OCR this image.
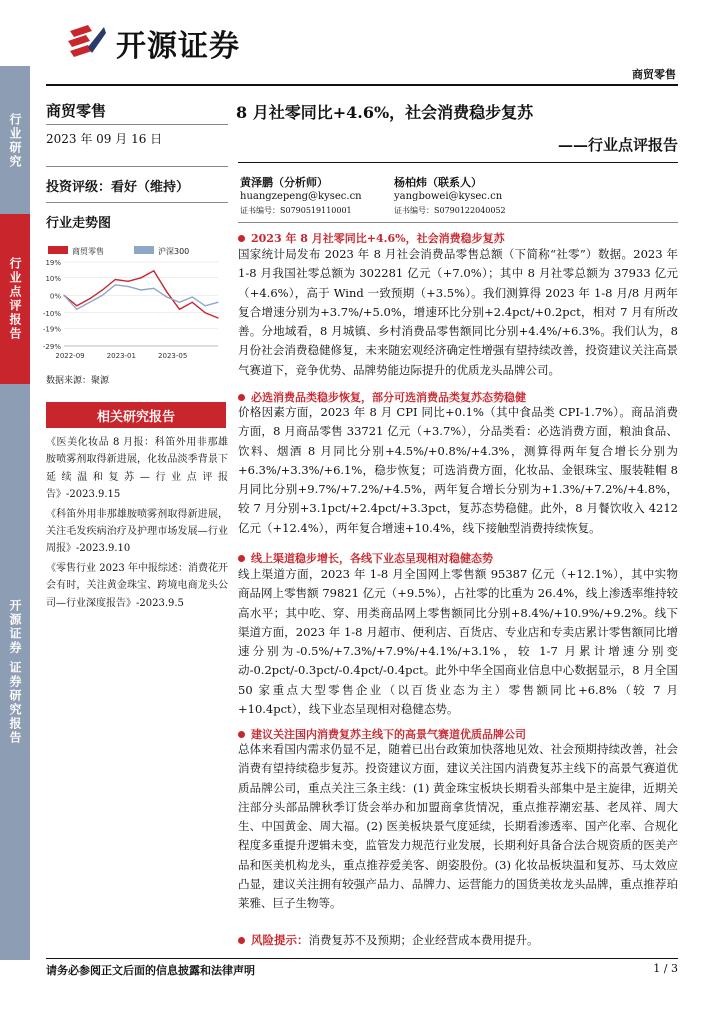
开源证券
商贸零售
行业研究
行业点评报告
开源证券 证券研究报告
商贸零售
2023 年 09 月 16 日
投资评级：看好（维持）
行业走势图
商贸零售	沪深300
19%
10%
0%
-10%
-19%
-29%
2022-09	2023-01	2023-05
数据来源：聚源
相关研究报告

《医美化妆品 8 月报：科笛外用非那雄胺喷雾剂取得新进展，化妆品淡季背景下延续温和复苏—行业点评报告》-2023.9.15

《科笛外用非那雄胺喷雾剂取得新进展，关注毛发疾病治疗及护理市场发展—行业周报》-2023.9.10

《零售行业 2023 年中报综述：消费花开会有时，关注黄金珠宝、跨境电商龙头公司—行业深度报告》-2023.9.5

8 月社零同比+4.6%，社会消费稳步复苏
——行业点评报告
黄泽鹏（分析师）
huangzepeng@kysec.cn
证书编号：S0790519110001
杨柏炜（联系人）
yangbowei@kysec.cn
证书编号：S0790122040052
2023 年 8 月社零同比+4.6%，社会消费稳步复苏

国家统计局发布 2023 年 8 月社会消费品零售总额（下简称“社零”）数据。2023 年 1-8 月我国社零总额为 302281 亿元（+7.0%）；其中 8 月社零总额为 37933 亿元（+4.6%），高于 Wind 一致预期（+3.5%）。我们测算得 2023 年 1-8 月/8 月两年复合增速分别为+3.7%/+5.0%，增速环比分别+2.4pct/+0.2pct，相对 7 月有所改善。分地域看，8 月城镇、乡村消费品零售额同比分别+4.4%/+6.3%。我们认为，8 月份社会消费稳健修复，未来随宏观经济确定性增强有望持续改善，投资建议关注高景气赛道下，竞争优势、品牌势能边际提升的优质龙头品牌公司。

必选消费品类稳步恢复，部分可选消费品类复苏态势稳健

价格因素方面，2023 年 8 月 CPI 同比+0.1%（其中食品类 CPI-1.7%）。商品消费方面，8 月商品零售 33721 亿元（+3.7%），分品类看：必选消费方面，粮油食品、饮料、烟酒 8 月同比分别+4.5%/+0.8%/+4.3%，测算得两年复合增长分别为+6.3%/+3.3%/+6.1%，稳步恢复；可选消费方面，化妆品、金银珠宝、服装鞋帽 8 月同比分别+9.7%/+7.2%/+4.5%，两年复合增长分别为+1.3%/+7.2%/+4.8%，较 7 月分别+3.1pct/+2.4pct/+3.3pct，复苏态势稳健。此外，8 月餐饮收入 4212 亿元（+12.4%），两年复合增速+10.4%，线下接触型消费持续恢复。

线上渠道稳步增长，各线下业态呈现相对稳健态势

线上渠道方面，2023 年 1-8 月全国网上零售额 95387 亿元（+12.1%），其中实物商品网上零售额 79821 亿元（+9.5%），占社零的比重为 26.4%，线上渗透率维持较高水平；其中吃、穿、用类商品网上零售额同比分别+8.4%/+10.9%/+9.2%。线下渠道方面，2023 年 1-8 月超市、便利店、百货店、专业店和专卖店累计零售额同比增速分别为-0.5%/+7.3%/+7.9%/+4.1%/+3.1%，较 1-7 月累计增速分别变动-0.2pct/-0.3pct/-0.4pct/-0.4pct。此外中华全国商业信息中心数据显示，8 月全国 50 家重点大型零售企业（以百货业态为主）零售额同比+6.8%（较 7 月+10.4pct），线下业态呈现相对稳健态势。

建议关注国内消费复苏主线下的高景气赛道优质品牌公司

总体来看国内需求仍显不足，随着已出台政策加快落地见效、社会预期持续改善，社会消费有望持续稳步复苏。投资建议方面，建议关注国内消费复苏主线下的高景气赛道优质品牌公司，重点关注三条主线：(1) 黄金珠宝板块长期看头部集中是主旋律，近期关注部分头部品牌秋季订货会举办和加盟商拿货情况，重点推荐潮宏基、老凤祥、周大生、中国黄金、周大福。(2) 医美板块景气度延续，长期看渗透率、国产化率、合规化程度多重提升逻辑未变，监管发力规范行业发展，长期利好具备合法合规资质的医美产品和医美机构龙头，重点推荐爱美客、朗姿股份。(3) 化妆品板块温和复苏、马太效应凸显，建议关注拥有较强产品力、品牌力、运营能力的国货美妆龙头品牌，重点推荐珀莱雅、巨子生物等。

风险提示： 消费复苏不及预期；企业经营成本费用提升。
请务必参阅正文后面的信息披露和法律声明	1 / 3
